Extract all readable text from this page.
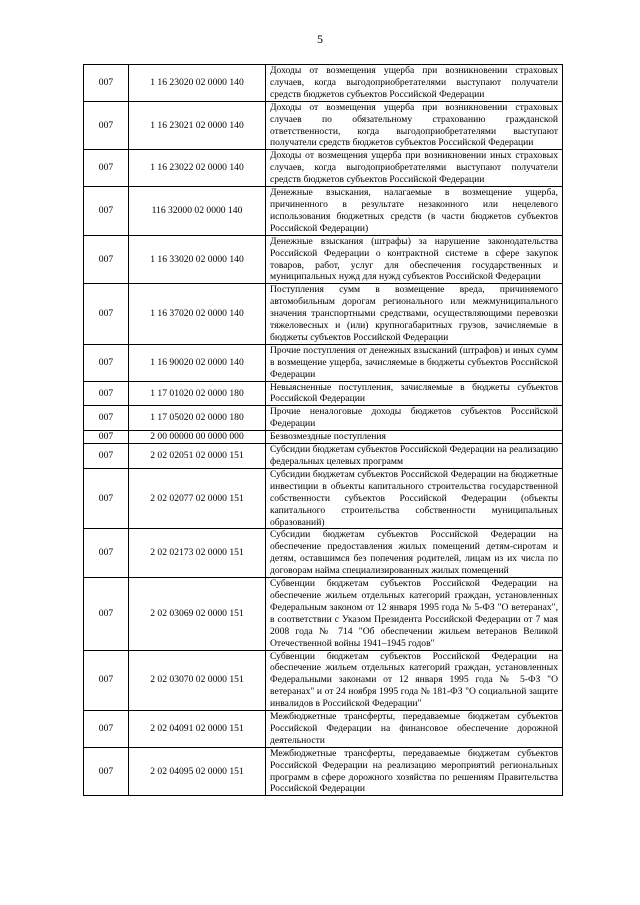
5
007	1 16 23020 02 0000 140	Доходы от возмещения ущерба при возникновении страховых случаев, когда выгодоприобретателями выступают получатели средств бюджетов субъектов Российской Федерации
007	1 16 23021 02 0000 140	Доходы от возмещения ущерба при возникновении страховых случаев по обязательному страхованию гражданской ответственности, когда выгодоприобретателями выступают получатели средств бюджетов субъектов Российской Федерации
007	1 16 23022 02 0000 140	Доходы от возмещения ущерба при возникновении иных страховых случаев, когда выгодоприобретателями выступают получатели средств бюджетов субъектов Российской Федерации
007	116 32000 02 0000 140	Денежные взыскания, налагаемые в возмещение ущерба, причиненного в результате незаконного или нецелевого использования бюджетных средств (в части бюджетов субъектов Российской Федерации)
007	1 16 33020 02 0000 140	Денежные взыскания (штрафы) за нарушение законодательства Российской Федерации о контрактной системе в сфере закупок товаров, работ, услуг для обеспечения государственных и муниципальных нужд для нужд субъектов Российской Федерации
007	1 16 37020 02 0000 140	Поступления сумм в возмещение вреда, причиняемого автомобильным дорогам регионального или межмуниципального значения транспортными средствами, осуществляющими перевозки тяжеловесных и (или) крупногабаритных грузов, зачисляемые в бюджеты субъектов Российской Федерации
007	1 16 90020 02 0000 140	Прочие поступления от денежных взысканий (штрафов) и иных сумм в возмещение ущерба, зачисляемые в бюджеты субъектов Российской Федерации
007	1 17 01020 02 0000 180	Невыясненные поступления, зачисляемые в бюджеты субъектов Российской Федерации
007	1 17 05020 02 0000 180	Прочие неналоговые доходы бюджетов субъектов Российской Федерации
007	2 00 00000 00 0000 000	Безвозмездные поступления
007	2 02 02051 02 0000 151	Субсидии бюджетам субъектов Российской Федерации на реализацию федеральных целевых программ
007	2 02 02077 02 0000 151	Субсидии бюджетам субъектов Российской Федерации на бюджетные инвестиции в объекты капитального строительства государственной собственности субъектов Российской Федерации (объекты капитального строительства собственности муниципальных образований)
007	2 02 02173 02 0000 151	Субсидии бюджетам субъектов Российской Федерации на обеспечение предоставления жилых помещений детям-сиротам и детям, оставшимся без попечения родителей, лицам из их числа по договорам найма специализированных жилых помещений
007	2 02 03069 02 0000 151	Субвенции бюджетам субъектов Российской Федерации на обеспечение жильем отдельных категорий граждан, установленных Федеральным законом от 12 января 1995 года № 5-ФЗ "О ветеранах", в соответствии с Указом Президента Российской Федерации от 7 мая 2008 года № 714 "Об обеспечении жильем ветеранов Великой Отечественной войны 1941–1945 годов"
007	2 02 03070 02 0000 151	Субвенции бюджетам субъектов Российской Федерации на обеспечение жильем отдельных категорий граждан, установленных Федеральными законами от 12 января 1995 года № 5-ФЗ "О ветеранах" и от 24 ноября 1995 года № 181-ФЗ "О социальной защите инвалидов в Российской Федерации"
007	2 02 04091 02 0000 151	Межбюджетные трансферты, передаваемые бюджетам субъектов Российской Федерации на финансовое обеспечение дорожной деятельности
007	2 02 04095 02 0000 151	Межбюджетные трансферты, передаваемые бюджетам субъектов Российской Федерации на реализацию мероприятий региональных программ в сфере дорожного хозяйства по решениям Правительства Российской Федерации
